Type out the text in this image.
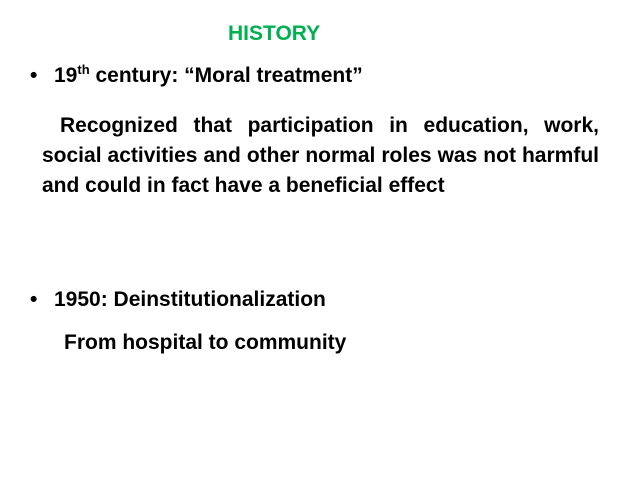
HISTORY
• 19th century: “Moral treatment”
Recognized that participation in education, work, social activities and other normal roles was not harmful and could in fact have a beneficial effect
• 1950: Deinstitutionalization
From hospital to community
